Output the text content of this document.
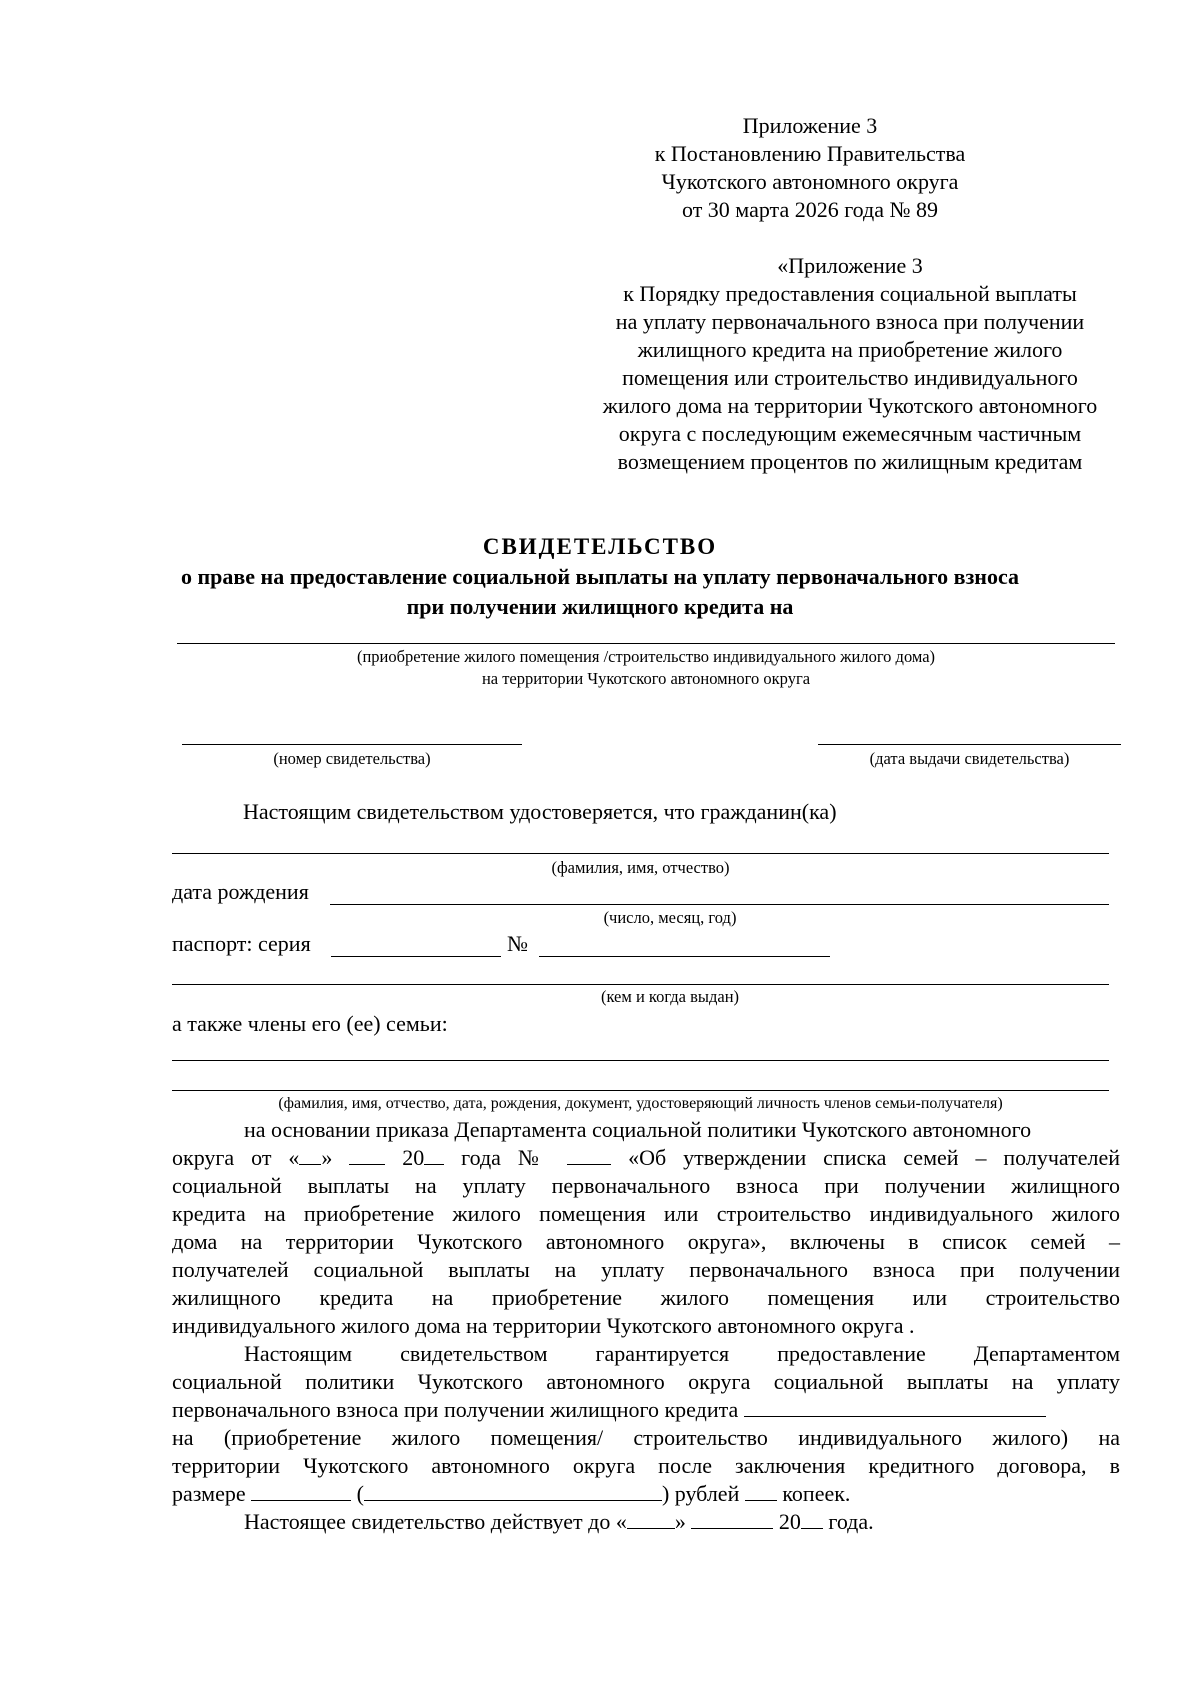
Приложение 3
к Постановлению Правительства
Чукотского автономного округа
от 30 марта 2026 года № 89
«Приложение 3
к Порядку предоставления социальной выплаты
на уплату первоначального взноса при получении
жилищного кредита на приобретение жилого
помещения или строительство индивидуального
жилого дома на территории Чукотского автономного
округа с последующим ежемесячным частичным
возмещением процентов по жилищным кредитам
СВИДЕТЕЛЬСТВО
о праве на предоставление социальной выплаты на уплату первоначального взноса
при получении жилищного кредита на
(приобретение жилого помещения /строительство индивидуального жилого дома)
на территории Чукотского автономного округа
(номер свидетельства)	(дата выдачи свидетельства)
Настоящим свидетельством удостоверяется, что гражданин(ка)
(фамилия, имя, отчество)
дата рождения
(число, месяц, год)
паспорт: серия	№
(кем и когда выдан)
а также члены его (ее) семьи:
(фамилия, имя, отчество, дата, рождения, документ, удостоверяющий личность членов семьи-получателя)
на основании приказа Департамента социальной политики Чукотского автономного
округа от « »	20 года №	«Об утверждении списка семей – получателей
социальной выплаты на уплату первоначального взноса при получении жилищного
кредита на приобретение жилого помещения или строительство индивидуального жилого
дома на территории Чукотского автономного округа», включены в список семей –
получателей социальной выплаты на уплату первоначального взноса при получении
жилищного кредита на приобретение жилого помещения или строительство
индивидуального жилого дома на территории Чукотского автономного округа .
Настоящим свидетельством гарантируется предоставление Департаментом
социальной политики Чукотского автономного округа социальной выплаты на уплату
первоначального взноса при получении жилищного кредита
на (приобретение жилого помещения/ строительство индивидуального жилого) на
территории Чукотского автономного округа после заключения кредитного договора, в
размере	(	) рублей копеек.
Настоящее свидетельство действует до « »	20 года.
